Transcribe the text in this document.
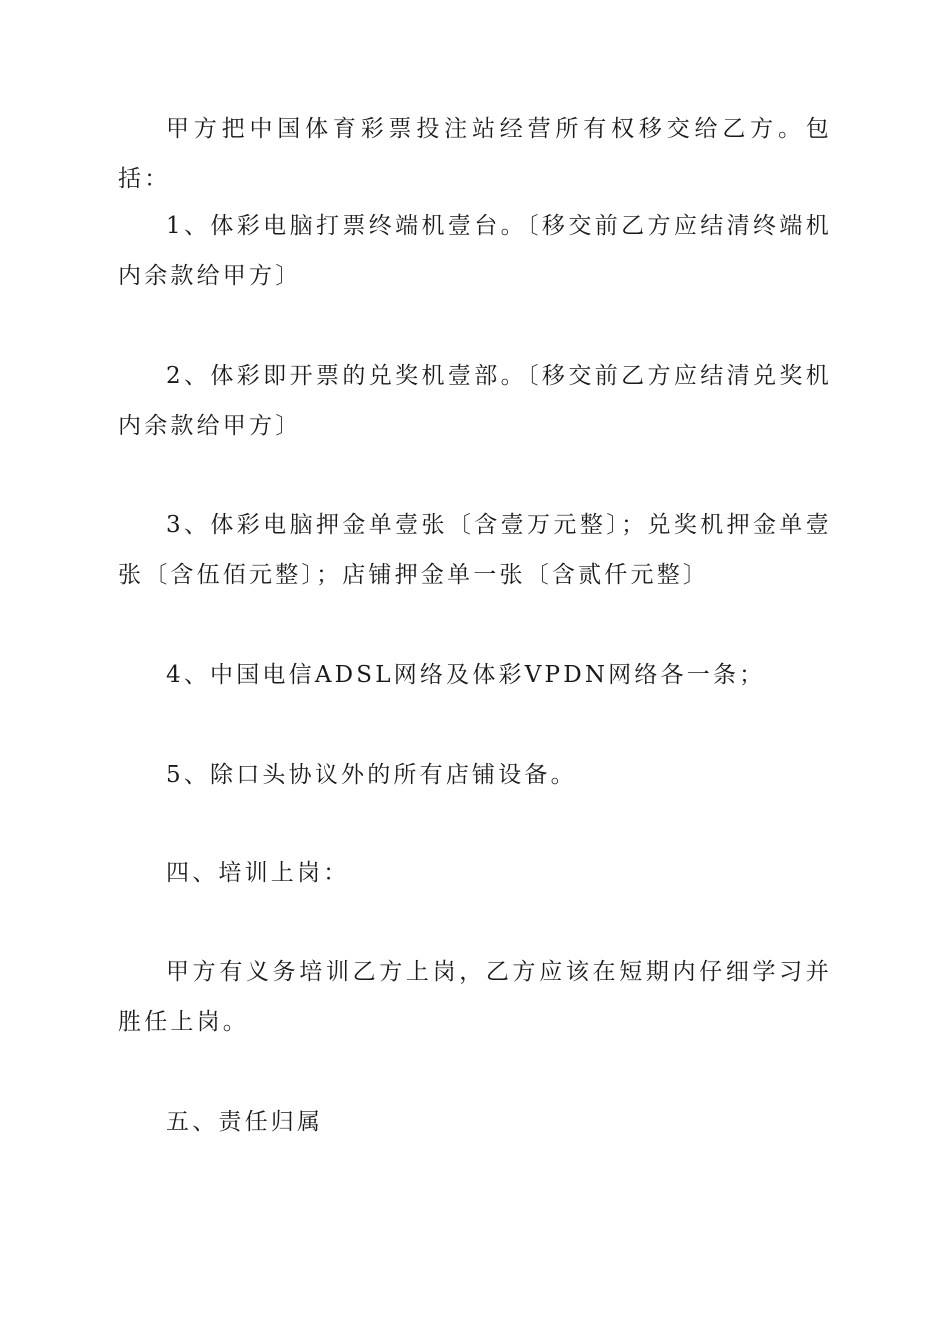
甲方把中国体育彩票投注站经营所有权移交给乙方。包括：

1、体彩电脑打票终端机壹台。〔移交前乙方应结清终端机内余款给甲方〕

2、体彩即开票的兑奖机壹部。〔移交前乙方应结清兑奖机内余款给甲方〕

3、体彩电脑押金单壹张〔含壹万元整〕；兑奖机押金单壹张〔含伍佰元整〕；店铺押金单一张〔含贰仟元整〕

4、中国电信ADSL网络及体彩VPDN网络各一条；

5、除口头协议外的所有店铺设备。

四、培训上岗：

甲方有义务培训乙方上岗，乙方应该在短期内仔细学习并胜任上岗。

五、责任归属
